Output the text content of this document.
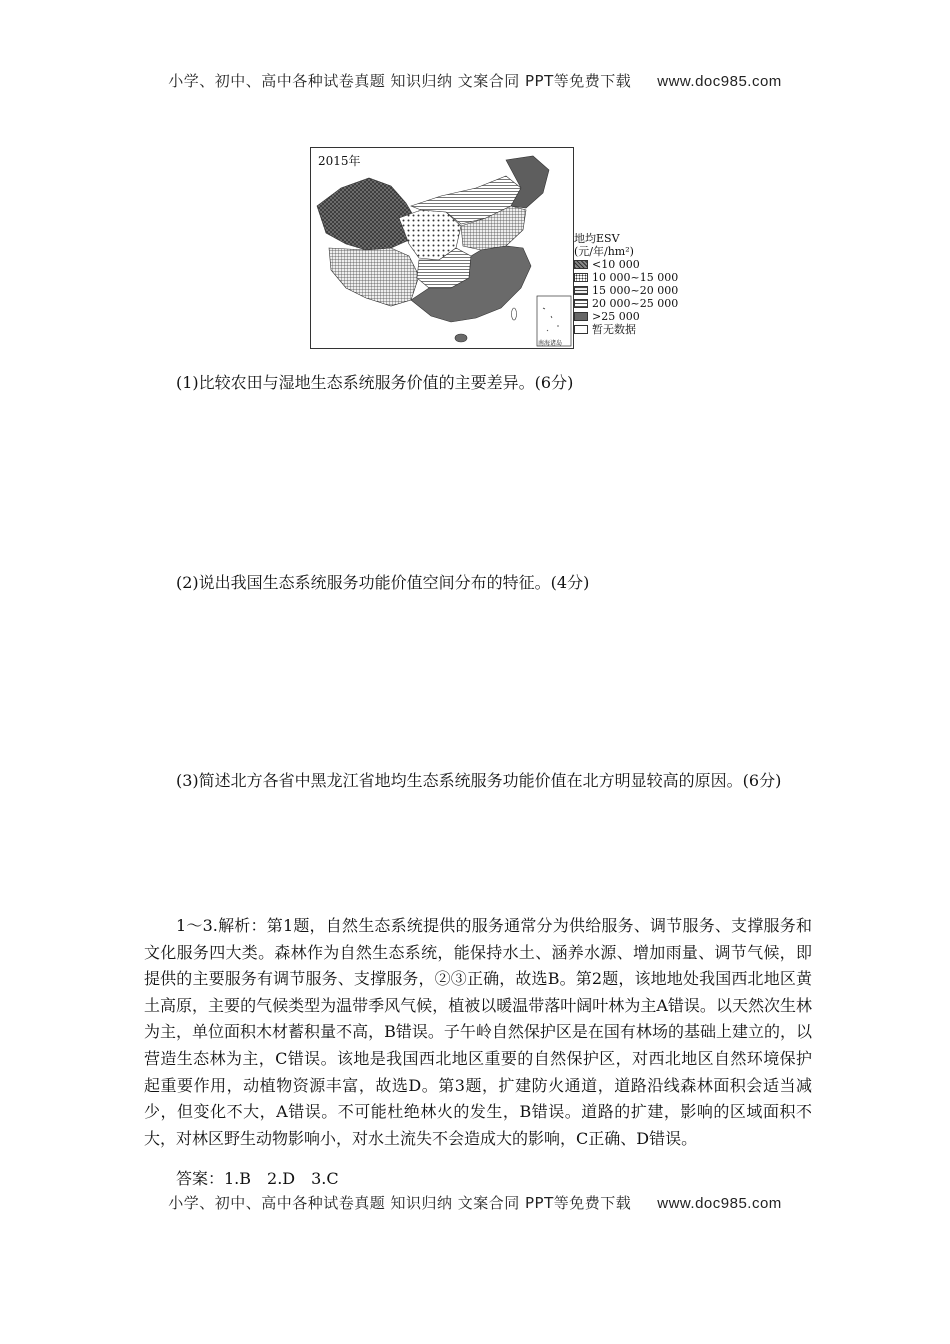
小学、初中、高中各种试卷真题 知识归纳 文案合同 PPT等免费下载 www.doc985.com
2015年
南海诸岛
地均ESV
(元/年/hm²)
<10 000
10 000~15 000
15 000~20 000
20 000~25 000
>25 000
暂无数据
(1)比较农田与湿地生态系统服务价值的主要差异。(6分)
(2)说出我国生态系统服务功能价值空间分布的特征。(4分)
(3)简述北方各省中黑龙江省地均生态系统服务功能价值在北方明显较高的原因。(6分)
1～3.解析：第1题，自然生态系统提供的服务通常分为供给服务、调节服务、支撑服务和文化服务四大类。森林作为自然生态系统，能保持水土、涵养水源、增加雨量、调节气候，即提供的主要服务有调节服务、支撑服务，②③正确，故选B。第2题，该地地处我国西北地区黄土高原，主要的气候类型为温带季风气候，植被以暖温带落叶阔叶林为主A错误。以天然次生林为主，单位面积木材蓄积量不高，B错误。子午岭自然保护区是在国有林场的基础上建立的，以营造生态林为主，C错误。该地是我国西北地区重要的自然保护区，对西北地区自然环境保护起重要作用，动植物资源丰富，故选D。第3题，扩建防火通道，道路沿线森林面积会适当减少，但变化不大，A错误。不可能杜绝林火的发生，B错误。道路的扩建，影响的区域面积不大，对林区野生动物影响小，对水土流失不会造成大的影响，C正确、D错误。
答案：1.B　2.D　3.C
小学、初中、高中各种试卷真题 知识归纳 文案合同 PPT等免费下载 www.doc985.com
